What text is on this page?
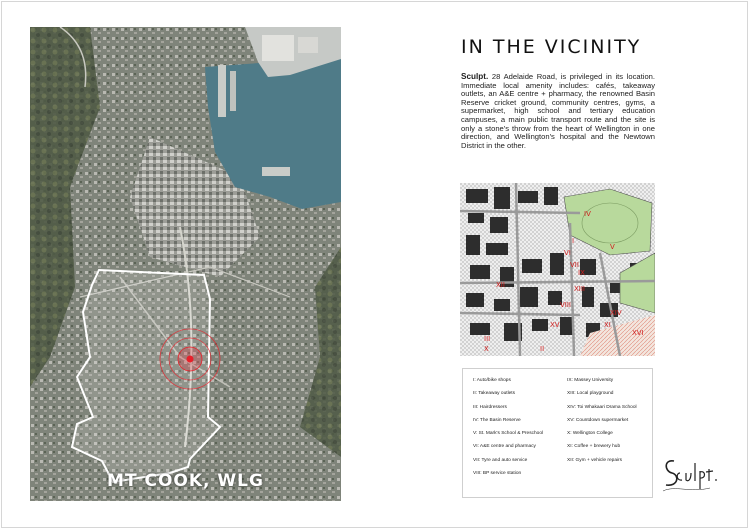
MT COOK, WLG
IN THE VICINITY

Sculpt. 28 Adelaide Road, is privileged in its location. Immediate local amenity includes: cafés, takeaway outlets, an A&E centre + pharmacy, the renowned Basin Reserve cricket ground, community centres, gyms, a supermarket, high school and tertiary education campuses, a main public transport route and the site is only a stone's throw from the heart of Wellington in one direction, and Wellington's hospital and the Newtown District in the other.

IV
I
V
VI
VII
IX
XIII
XII
VIII
XV
XIV
XI
XVI
III
X	II
I: Auto/bike shops
II: Takeaway outlets
III: Hairdressers
IV: The Basin Reserve
V: St. Mark's School & Preschool
VI: A&E centre and pharmacy
VII: Tyre and auto service
VIII: BP service station
IX: Massey University
XIII: Local playground
XIV: Toi Whakaari Drama School
XV: Countdown supermarket
X: Wellington College
XI: Coffee + brewery hub
XII: Gym + vehicle repairs
